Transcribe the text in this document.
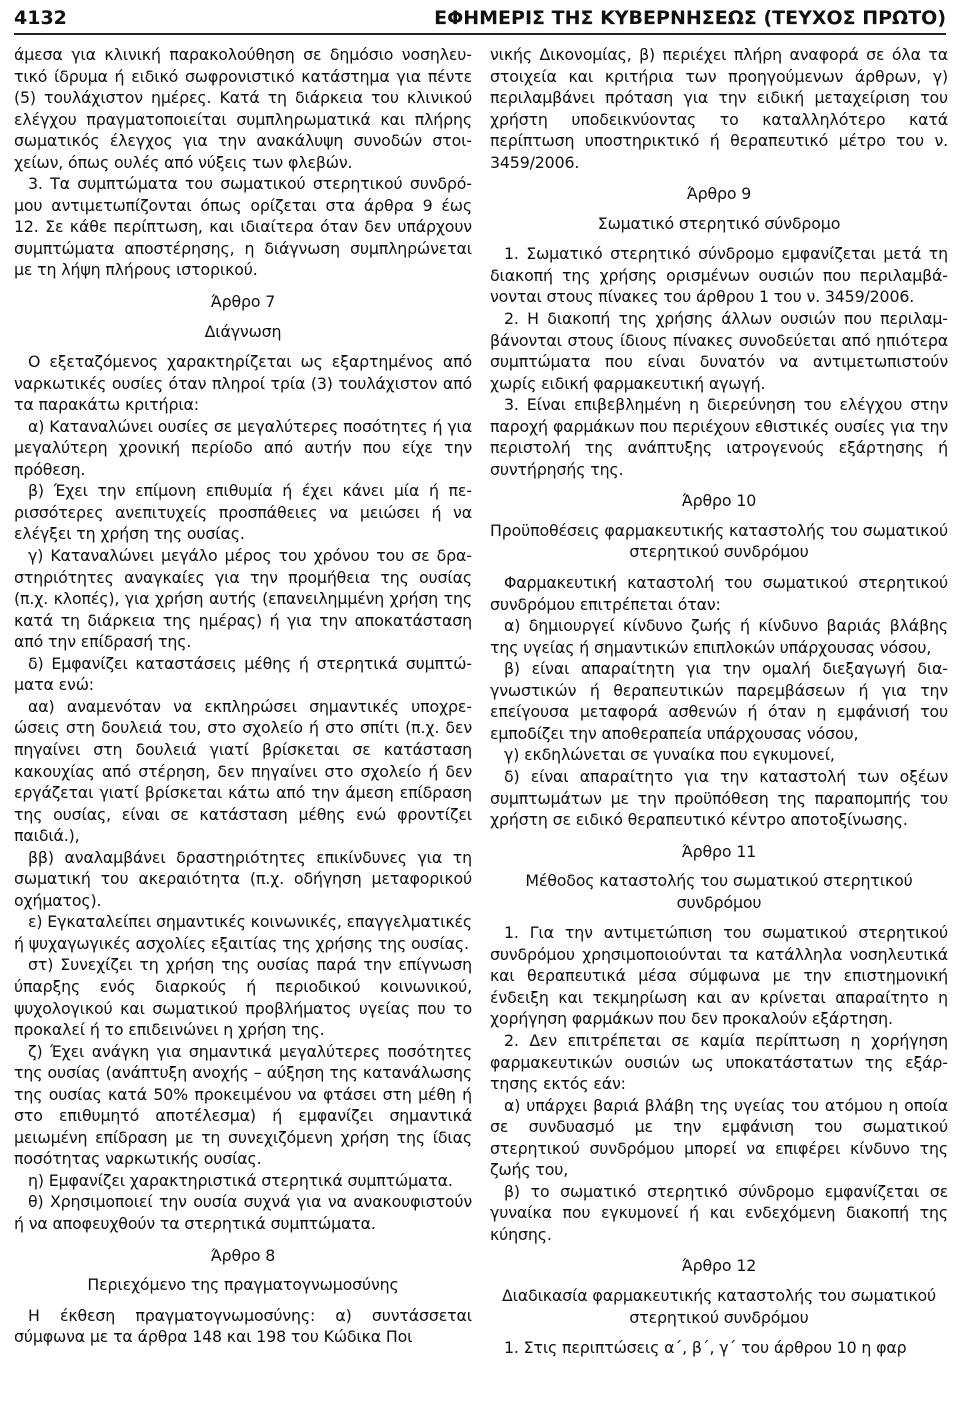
4132	ΕΦΗΜΕΡΙΣ ΤΗΣ ΚΥΒΕΡΝΗΣΕΩΣ (ΤΕΥΧΟΣ ΠΡΩΤΟ)

άμεσα για κλινική παρακολούθηση σε δημόσιο νοσηλευτικό ίδρυμα ή ειδικό σωφρονιστικό κατάστημα για πέντε (5) τουλάχιστον ημέρες. Κατά τη διάρκεια του κλινικού ελέγχου πραγματοποιείται συμπληρωματικά και πλήρης σωματικός έλεγχος για την ανακάλυψη συνοδών στοιχείων, όπως ουλές από νύξεις των φλεβών.

3. Τα συμπτώματα του σωματικού στερητικού συνδρόμου αντιμετωπίζονται όπως ορίζεται στα άρθρα 9 έως 12. Σε κάθε περίπτωση, και ιδιαίτερα όταν δεν υπάρχουν συμπτώματα αποστέρησης, η διάγνωση συμπληρώνεται με τη λήψη πλήρους ιστορικού.

Άρθρο 7

Διάγνωση

Ο εξεταζόμενος χαρακτηρίζεται ως εξαρτημένος από ναρκωτικές ουσίες όταν πληροί τρία (3) τουλάχιστον από τα παρακάτω κριτήρια:

α) Καταναλώνει ουσίες σε μεγαλύτερες ποσότητες ή για μεγαλύτερη χρονική περίοδο από αυτήν που είχε την πρόθεση.

β) Έχει την επίμονη επιθυμία ή έχει κάνει μία ή περισσότερες ανεπιτυχείς προσπάθειες να μειώσει ή να ελέγξει τη χρήση της ουσίας.

γ) Καταναλώνει μεγάλο μέρος του χρόνου του σε δραστηριότητες αναγκαίες για την προμήθεια της ουσίας (π.χ. κλοπές), για χρήση αυτής (επανειλημμένη χρήση της κατά τη διάρκεια της ημέρας) ή για την αποκατάσταση από την επίδρασή της.

δ) Εμφανίζει καταστάσεις μέθης ή στερητικά συμπτώματα ενώ:

αα) αναμενόταν να εκπληρώσει σημαντικές υποχρεώσεις στη δουλειά του, στο σχολείο ή στο σπίτι (π.χ. δεν πηγαίνει στη δουλειά γιατί βρίσκεται σε κατάσταση κακουχίας από στέρηση, δεν πηγαίνει στο σχολείο ή δεν εργάζεται γιατί βρίσκεται κάτω από την άμεση επίδραση της ουσίας, είναι σε κατάσταση μέθης ενώ φροντίζει παιδιά.),

ββ) αναλαμβάνει δραστηριότητες επικίνδυνες για τη σωματική του ακεραιότητα (π.χ. οδήγηση μεταφορικού οχήματος).

ε) Εγκαταλείπει σημαντικές κοινωνικές, επαγγελματικές ή ψυχαγωγικές ασχολίες εξαιτίας της χρήσης της ουσίας.

στ) Συνεχίζει τη χρήση της ουσίας παρά την επίγνωση ύπαρξης ενός διαρκούς ή περιοδικού κοινωνικού, ψυχολογικού και σωματικού προβλήματος υγείας που το προκαλεί ή το επιδεινώνει η χρήση της.

ζ) Έχει ανάγκη για σημαντικά μεγαλύτερες ποσότητες της ουσίας (ανάπτυξη ανοχής – αύξηση της κατανάλωσης της ουσίας κατά 50% προκειμένου να φτάσει στη μέθη ή στο επιθυμητό αποτέλεσμα) ή εμφανίζει σημαντικά μειωμένη επίδραση με τη συνεχιζόμενη χρήση της ίδιας ποσότητας ναρκωτικής ουσίας.

η) Εμφανίζει χαρακτηριστικά στερητικά συμπτώματα.

θ) Χρησιμοποιεί την ουσία συχνά για να ανακουφιστούν ή να αποφευχθούν τα στερητικά συμπτώματα.

Άρθρο 8

Περιεχόμενο της πραγματογνωμοσύνης

Η έκθεση πραγματογνωμοσύνης: α) συντάσσεται σύμφωνα με τα άρθρα 148 και 198 του Κώδικα Ποι

νικής Δικονομίας, β) περιέχει πλήρη αναφορά σε όλα τα στοιχεία και κριτήρια των προηγούμενων άρθρων, γ) περιλαμβάνει πρόταση για την ειδική μεταχείριση του χρήστη υποδεικνύοντας το καταλληλότερο κατά περίπτωση υποστηρικτικό ή θεραπευτικό μέτρο του ν. 3459/2006.

Άρθρο 9

Σωματικό στερητικό σύνδρομο

1. Σωματικό στερητικό σύνδρομο εμφανίζεται μετά τη διακοπή της χρήσης ορισμένων ουσιών που περιλαμβάνονται στους πίνακες του άρθρου 1 του ν. 3459/2006.

2. Η διακοπή της χρήσης άλλων ουσιών που περιλαμβάνονται στους ίδιους πίνακες συνοδεύεται από ηπιότερα συμπτώματα που είναι δυνατόν να αντιμετωπιστούν χωρίς ειδική φαρμακευτική αγωγή.

3. Είναι επιβεβλημένη η διερεύνηση του ελέγχου στην παροχή φαρμάκων που περιέχουν εθιστικές ουσίες για την περιστολή της ανάπτυξης ιατρογενούς εξάρτησης ή συντήρησής της.

Άρθρο 10

Προϋποθέσεις φαρμακευτικής καταστολής του σωματικού στερητικού συνδρόμου

Φαρμακευτική καταστολή του σωματικού στερητικού συνδρόμου επιτρέπεται όταν:

α) δημιουργεί κίνδυνο ζωής ή κίνδυνο βαριάς βλάβης της υγείας ή σημαντικών επιπλοκών υπάρχουσας νόσου,

β) είναι απαραίτητη για την ομαλή διεξαγωγή διαγνωστικών ή θεραπευτικών παρεμβάσεων ή για την επείγουσα μεταφορά ασθενών ή όταν η εμφάνισή του εμποδίζει την αποθεραπεία υπάρχουσας νόσου,

γ) εκδηλώνεται σε γυναίκα που εγκυμονεί,

δ) είναι απαραίτητο για την καταστολή των οξέων συμπτωμάτων με την προϋπόθεση της παραπομπής του χρήστη σε ειδικό θεραπευτικό κέντρο αποτοξίνωσης.

Άρθρο 11

Μέθοδος καταστολής του σωματικού στερητικού συνδρόμου

1. Για την αντιμετώπιση του σωματικού στερητικού συνδρόμου χρησιμοποιούνται τα κατάλληλα νοσηλευτικά και θεραπευτικά μέσα σύμφωνα με την επιστημονική ένδειξη και τεκμηρίωση και αν κρίνεται απαραίτητο η χορήγηση φαρμάκων που δεν προκαλούν εξάρτηση.

2. Δεν επιτρέπεται σε καμία περίπτωση η χορήγηση φαρμακευτικών ουσιών ως υποκατάστατων της εξάρτησης εκτός εάν:

α) υπάρχει βαριά βλάβη της υγείας του ατόμου η οποία σε συνδυασμό με την εμφάνιση του σωματικού στερητικού συνδρόμου μπορεί να επιφέρει κίνδυνο της ζωής του,

β) το σωματικό στερητικό σύνδρομο εμφανίζεται σε γυναίκα που εγκυμονεί ή και ενδεχόμενη διακοπή της κύησης.

Άρθρο 12

Διαδικασία φαρμακευτικής καταστολής του σωματικού στερητικού συνδρόμου

1. Στις περιπτώσεις α΄, β΄, γ΄ του άρθρου 10 η φαρ
